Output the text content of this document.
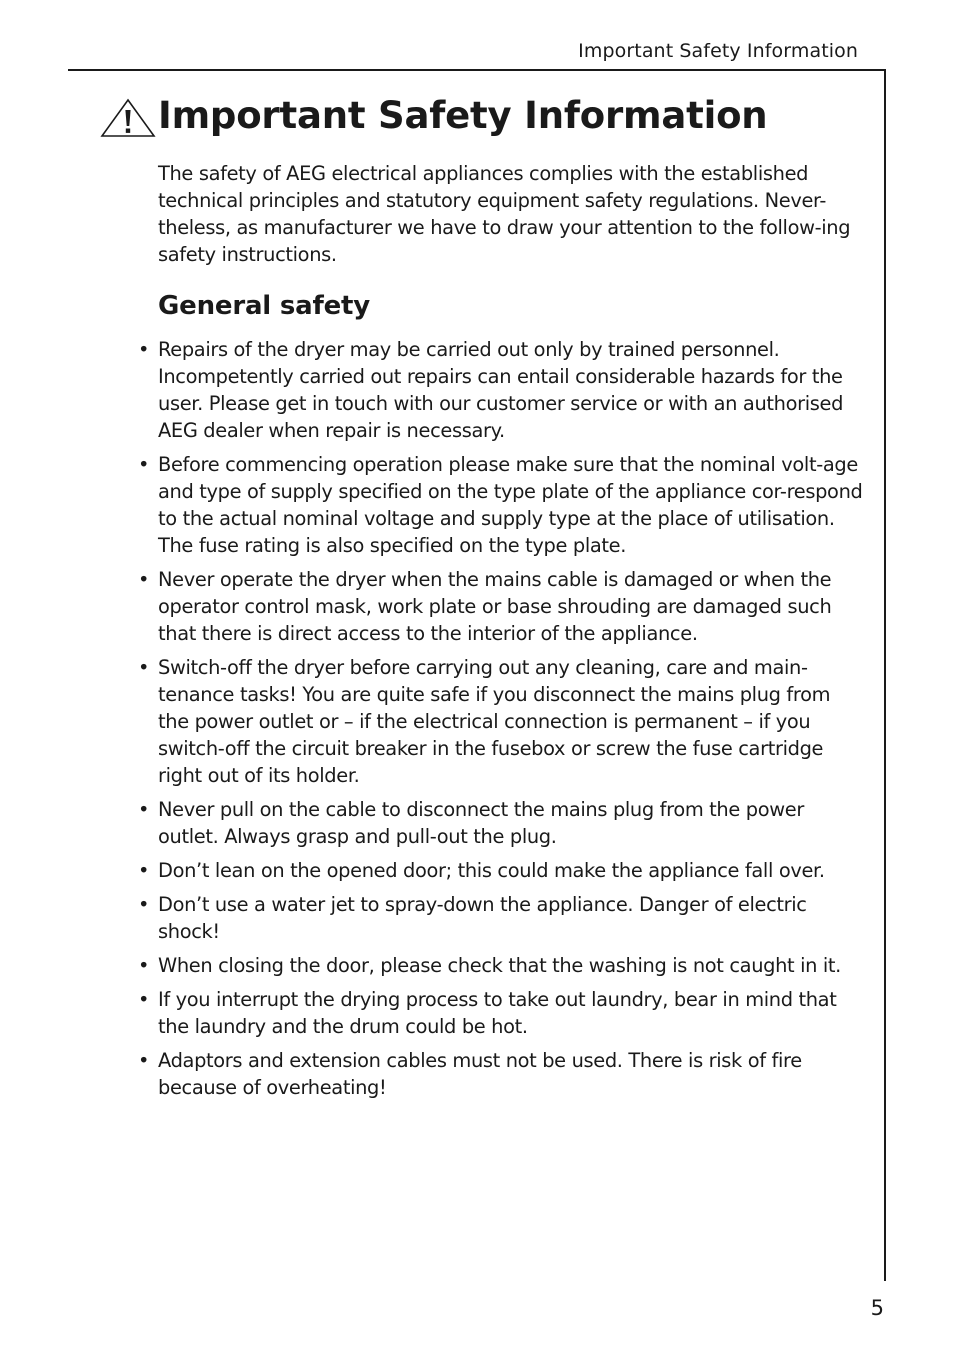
Important Safety Information
Important Safety Information

The safety of AEG electrical appliances complies with the established technical principles and statutory equipment safety regulations. Never-theless, as manufacturer we have to draw your attention to the follow-ing safety instructions.

General safety
• Repairs of the dryer may be carried out only by trained personnel. Incompetently carried out repairs can entail considerable hazards for the user. Please get in touch with our customer service or with an authorised AEG dealer when repair is necessary.
• Before commencing operation please make sure that the nominal volt-age and type of supply specified on the type plate of the appliance cor-respond to the actual nominal voltage and supply type at the place of utilisation. The fuse rating is also specified on the type plate.
• Never operate the dryer when the mains cable is damaged or when the operator control mask, work plate or base shrouding are damaged such that there is direct access to the interior of the appliance.
• Switch-off the dryer before carrying out any cleaning, care and main-tenance tasks! You are quite safe if you disconnect the mains plug from the power outlet or – if the electrical connection is permanent – if you switch-off the circuit breaker in the fusebox or screw the fuse cartridge right out of its holder.
• Never pull on the cable to disconnect the mains plug from the power outlet. Always grasp and pull-out the plug.
• Don’t lean on the opened door; this could make the appliance fall over.
• Don’t use a water jet to spray-down the appliance. Danger of electric shock!
• When closing the door, please check that the washing is not caught in it.
• If you interrupt the drying process to take out laundry, bear in mind that the laundry and the drum could be hot.
• Adaptors and extension cables must not be used. There is risk of fire because of overheating!
5
